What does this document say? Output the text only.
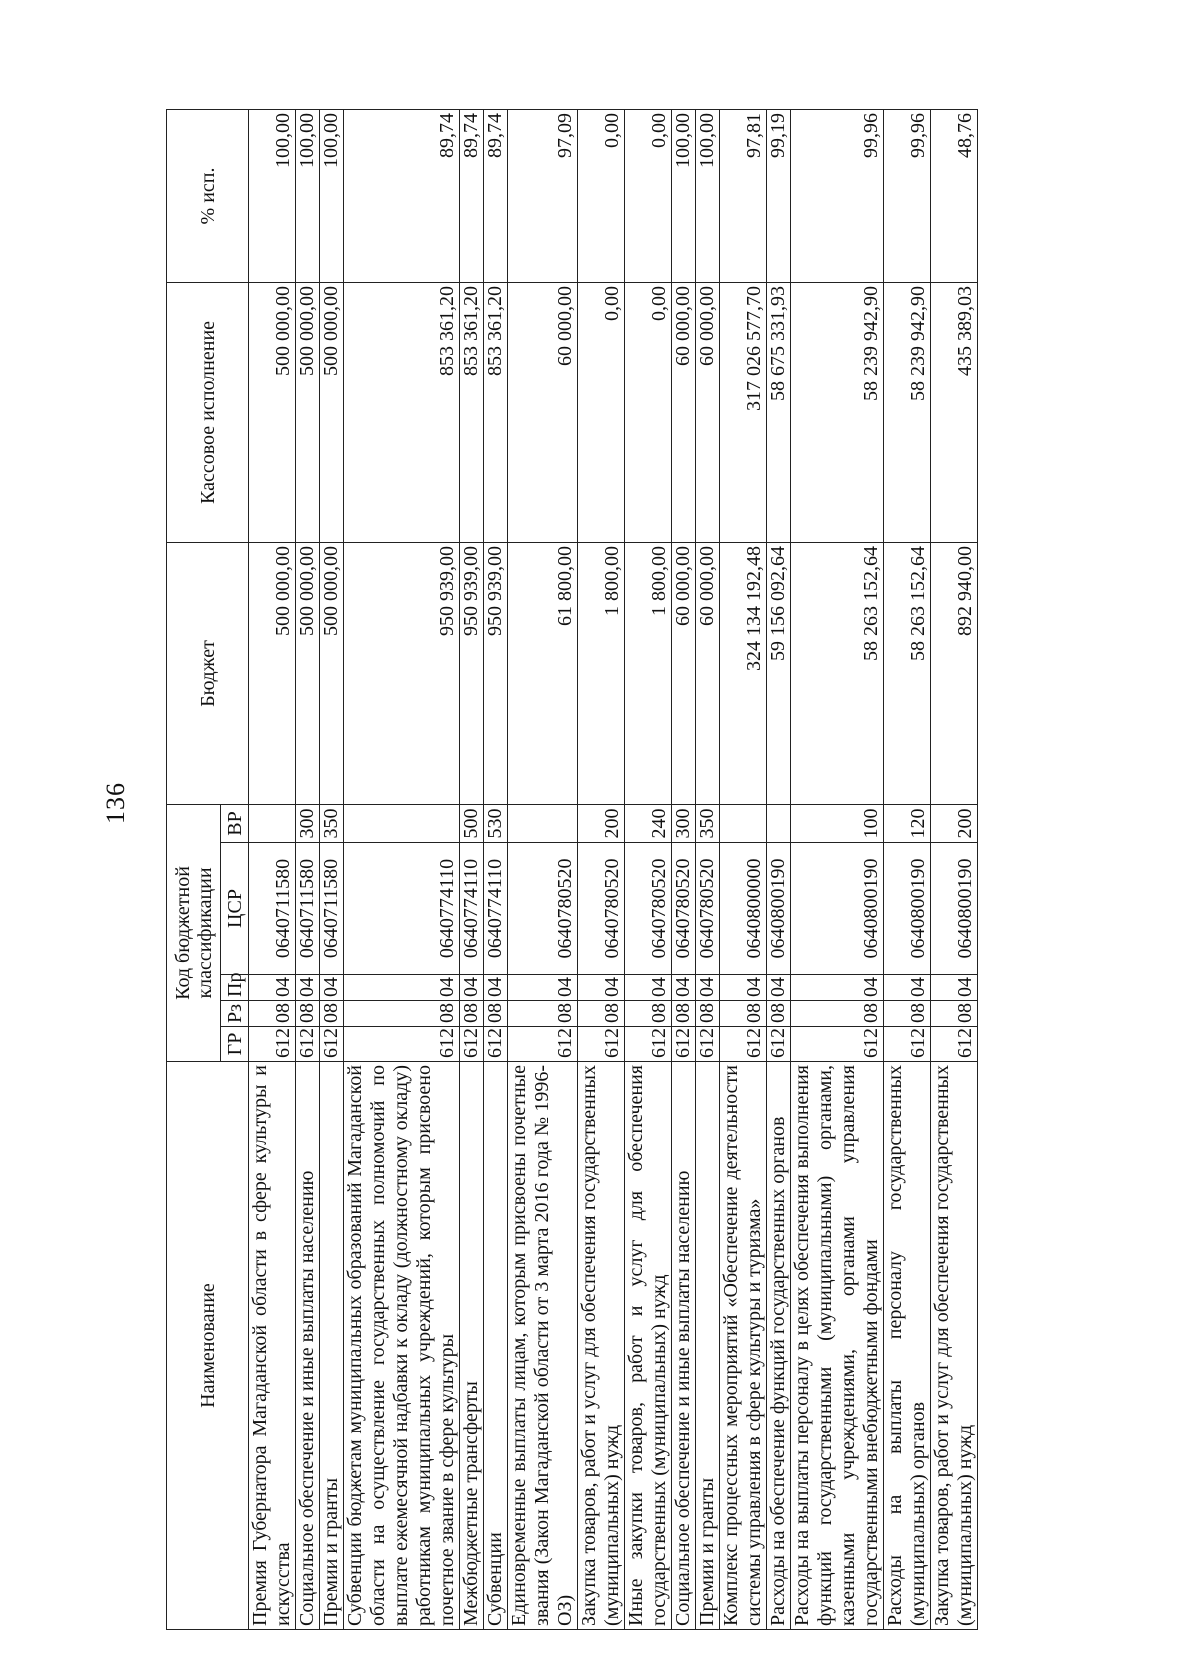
136
Наименование	Код бюджетной классификации					Бюджет	Кассовое исполнение	% исп.
	ГР	Рз	Пр	ЦСР	ВР			
Премия Губернатора Магаданской области в сфере культуры и искусства	612	08	04	0640711580		500 000,00	500 000,00	100,00
Социальное обеспечение и иные выплаты населению	612	08	04	0640711580	300	500 000,00	500 000,00	100,00
Премии и гранты	612	08	04	0640711580	350	500 000,00	500 000,00	100,00
Субвенции бюджетам муниципальных образований Магаданской области на осуществление государственных полномочий по выплате ежемесячной надбавки к окладу (должностному окладу) работникам муниципальных учреждений, которым присвоено почетное звание в сфере культуры	612	08	04	0640774110		950 939,00	853 361,20	89,74
Межбюджетные трансферты	612	08	04	0640774110	500	950 939,00	853 361,20	89,74
Субвенции	612	08	04	0640774110	530	950 939,00	853 361,20	89,74
Единовременные выплаты лицам, которым присвоены почетные звания (Закон Магаданской области от 3 марта 2016 года № 1996-ОЗ)	612	08	04	0640780520		61 800,00	60 000,00	97,09
Закупка товаров, работ и услуг для обеспечения государственных (муниципальных) нужд	612	08	04	0640780520	200	1 800,00	0,00	0,00
Иные закупки товаров, работ и услуг для обеспечения государственных (муниципальных) нужд	612	08	04	0640780520	240	1 800,00	0,00	0,00
Социальное обеспечение и иные выплаты населению	612	08	04	0640780520	300	60 000,00	60 000,00	100,00
Премии и гранты	612	08	04	0640780520	350	60 000,00	60 000,00	100,00
Комплекс процессных мероприятий «Обеспечение деятельности системы управления в сфере культуры и туризма»	612	08	04	0640800000		324 134 192,48	317 026 577,70	97,81
Расходы на обеспечение функций государственных органов	612	08	04	0640800190		59 156 092,64	58 675 331,93	99,19
Расходы на выплаты персоналу в целях обеспечения выполнения функций государственными (муниципальными) органами, казенными учреждениями, органами управления государственными внебюджетными фондами	612	08	04	0640800190	100	58 263 152,64	58 239 942,90	99,96
Расходы на выплаты персоналу государственных (муниципальных) органов	612	08	04	0640800190	120	58 263 152,64	58 239 942,90	99,96
Закупка товаров, работ и услуг для обеспечения государственных (муниципальных) нужд	612	08	04	0640800190	200	892 940,00	435 389,03	48,76
